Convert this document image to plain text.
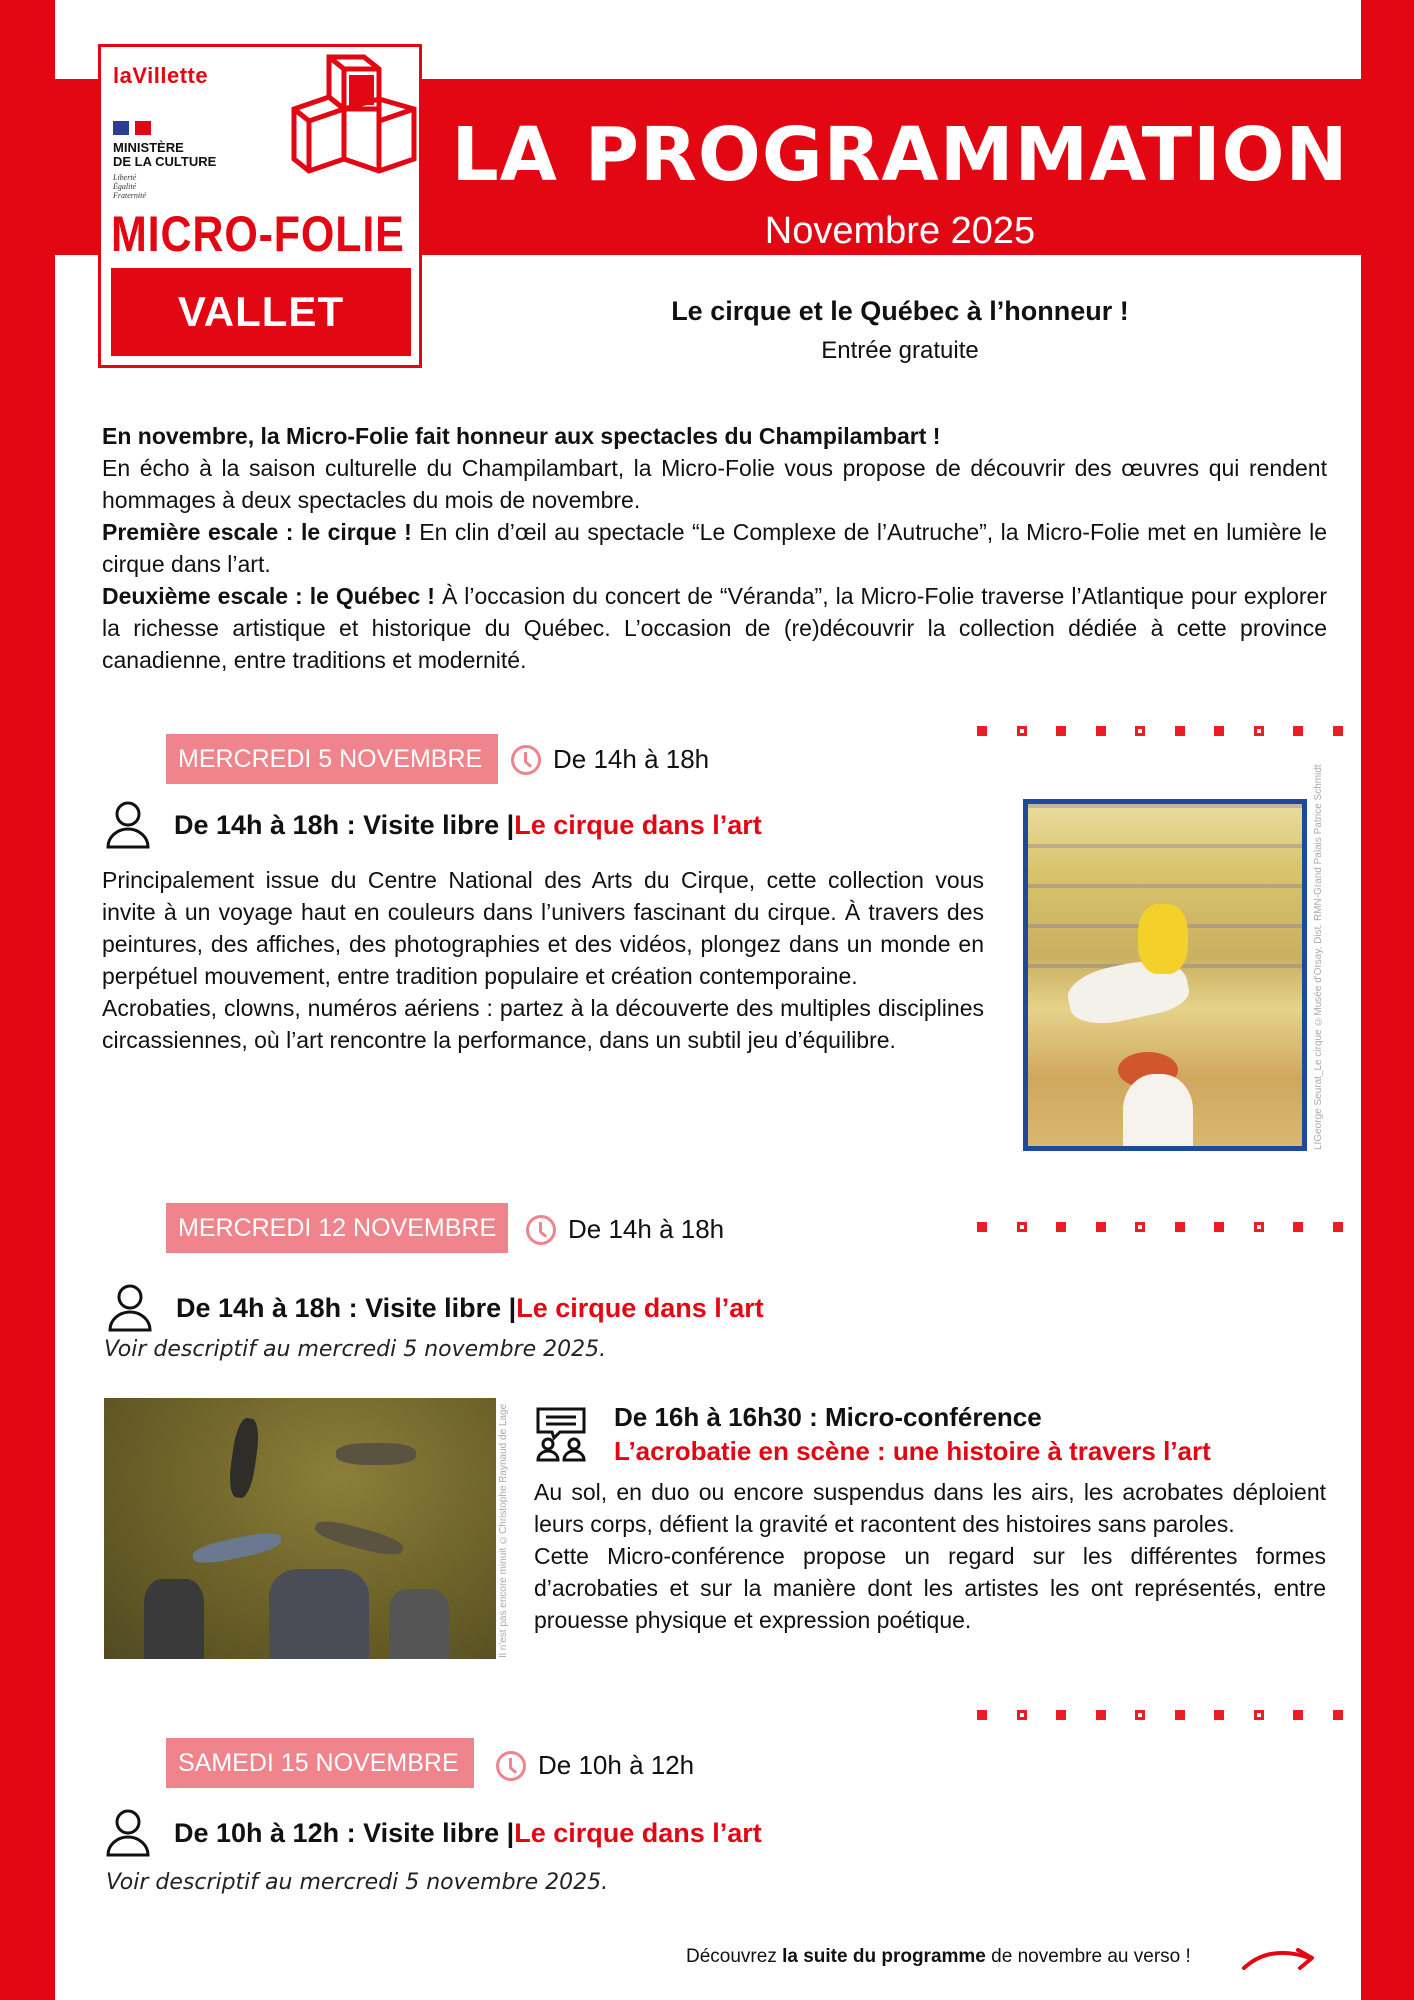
laVillette
MINISTÈRE
DE LA CULTURE
Liberté
Égalité
Fraternité
MICRO-FOLIE
VALLET
LA PROGRAMMATION
Novembre 2025
Le cirque et le Québec à l’honneur !
Entrée gratuite

En novembre, la Micro-Folie fait honneur aux spectacles du Champilambart !

En écho à la saison culturelle du Champilambart, la Micro-Folie vous propose de découvrir des œuvres qui rendent hommages à deux spectacles du mois de novembre.

Première escale : le cirque ! En clin d’œil au spectacle “Le Complexe de l’Autruche”, la Micro-Folie met en lumière le cirque dans l’art.

Deuxième escale : le Québec ! À l’occasion du concert de “Véranda”, la Micro-Folie traverse l’Atlantique pour explorer la richesse artistique et historique du Québec. L’occasion de (re)découvrir la collection dédiée à cette province canadienne, entre traditions et modernité.

MERCREDI 5 NOVEMBRE	De 14h à 18h
De 14h à 18h : Visite libre | Le cirque dans l’art

Principalement issue du Centre National des Arts du Cirque, cette collection vous invite à un voyage haut en couleurs dans l’univers fascinant du cirque. À travers des peintures, des affiches, des photographies et des vidéos, plongez dans un monde en perpétuel mouvement, entre tradition populaire et création contemporaine.

Acrobaties, clowns, numéros aériens : partez à la découverte des multiples disciplines circassiennes, où l’art rencontre la performance, dans un subtil jeu d’équilibre.	LIGeorge Seurat_Le cirque ©Musée d'Orsay, Dist. RMN-Grand Palais Patrice Schmidt
MERCREDI 12 NOVEMBRE	De 14h à 18h
De 14h à 18h : Visite libre | Le cirque dans l’art
Voir descriptif au mercredi 5 novembre 2025.
Il n'est pas encore minuit ©Christophe Raynaud de Lage	De 16h à 16h30 : Micro-conférence
L’acrobatie en scène : une histoire à travers l’art

Au sol, en duo ou encore suspendus dans les airs, les acrobates déploient leurs corps, défient la gravité et racontent des histoires sans paroles.

Cette Micro-conférence propose un regard sur les différentes formes d’acrobaties et sur la manière dont les artistes les ont représentés, entre prouesse physique et expression poétique.

SAMEDI 15 NOVEMBRE	De 10h à 12h
De 10h à 12h : Visite libre | Le cirque dans l’art
Voir descriptif au mercredi 5 novembre 2025.
Découvrez la suite du programme de novembre au verso !
